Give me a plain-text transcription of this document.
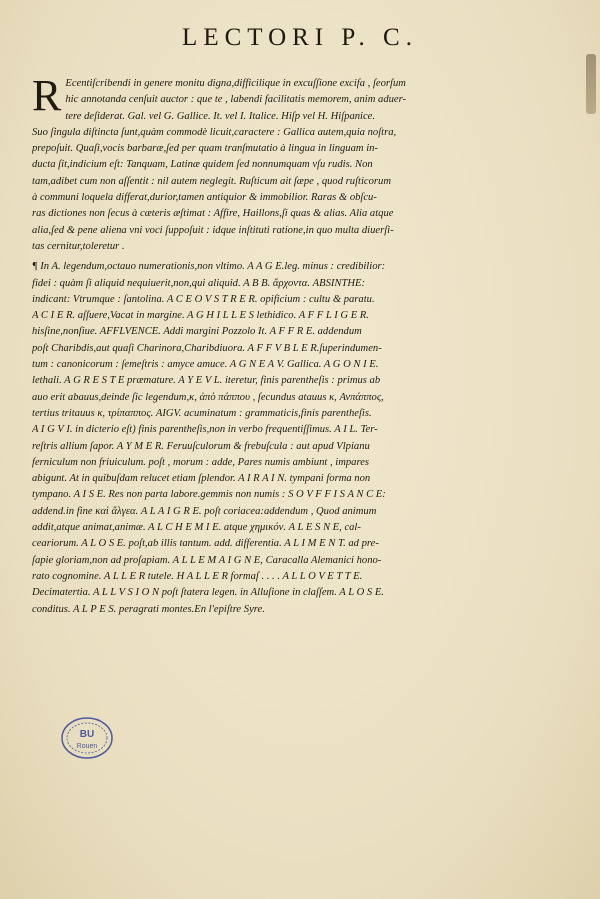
LECTORI P. C.
R Ecentiſcribendi in genere monitu digna,difficilique in excuſſione excifa , ſeorſum
hic annotanda cenſuit auctor : que te , labendi facilitatis memorem, anim aduer-
tere deſiderat. Gal. vel G. Gallice. It. vel I. Italice. Hiſp vel H. Hiſpanice.
Suo ſingula diſtincta ſunt,quàm commodè licuit,caractere : Gallica autem,quia noſtra,
prepoſuit. Quaſi,vocis barbaræ,ſed per quam tranſmutatio à lingua in linguam in-
ducta ſit,indicium eſt: Tanquam, Latinæ quidem ſed nonnumquam vſu rudis. Non
tam,adibet cum non aſſentit : nil autem neglegit. Ruſticum ait ſæpe , quod ruſticorum
à communi loquela differat,durior,tamen antiquior & immobilior. Raras & obſcu-
ras dictiones non ſecus à cæteris æſtimat : Affire, Haillons,ſi quas & alias. Alia atque
alia,ſed & pene aliena vni voci ſuppoſuit : idque inſtituti ratione,in quo multa diuerſi-
tas cernitur,toleretur .
¶ In A. legendum,octauo numerationis,non vltimo. A A G E.leg. minus : credibilior:
fidei : quàm ſi aliquid nequiuerit,non,qui aliquid. A B B. ἄρχοντα. ABSINTHE:
indicant: Vtrumque : ſantolina. A C E O V S T R E R. opificium : cultu & paratu.
A C I E R. aſſuere,Vacat in margine. A G H I L L E S lethidico. A F F L I G E R.
hisſine,nonſiue. AFFLVENCE. Addi margini Pozzolo It. A F F R E. addendum
poſt Charibdis,aut quaſi Charinora,Charibdiuora. A F F V B L E R.ſuperindumen-
tum : canonicorum : ſemeſtris : amyce amuce. A G N E A V. Gallica. A G O N I E.
lethali. A G R E S T E præmature. A Y E V L. iteretur, finis parentheſis : primus ab
auo erit abauus,deinde ſic legendum,κ, ἀπὸ πάππου , ſecundus atauus κ, Avπάππος,
tertius tritauus κ, τρίπαππος. AIGV. acuminatum : grammaticis,finis parentheſis.
A I G V I. in dicterio eſt) finis parentheſis,non in verbo frequentiſſimus. A I L. Ter-
reſtris allium ſapor. A Y M E R. Feruuſculorum & frebuſcula : aut apud Vlpianu
ferniculum non friuiculum. poſt , morum : adde, Pares numis ambiunt , impares
abigunt. At in quibuſdam relucet etiam ſplendor. A I R A I N. tympani forma non
tympano. A I S E. Res non parta labore.gemmis non numis : S O V F F I S A N C E:
addend.in fine καὶ ἄλγεα. A L A I G R E. poſt coriacea:addendum , Quod animum
addit,atque animat,animæ. A L C H E M I E. atque χημικόν. A L E S N E, cal-
ceariorum. A L O S E. poſt,ab illis tantum. add. differentia. A L I M E N T. ad pre-
ſapie gloriam,non ad proſapiam. A L L E M A I G N E, Caracalla Alemanici hono-
rato cognomine. A L L E R tutele. H A L L E R formaſ . . . . A L L O V E T T E.
Decimatertia. A L L V S I O N poſt ſtatera legen. in Alluſione in claſſem. A L O S E.
conditus. A L P E S. peragrati montes.En l'epiſtre Syre.
BU
Rouen
